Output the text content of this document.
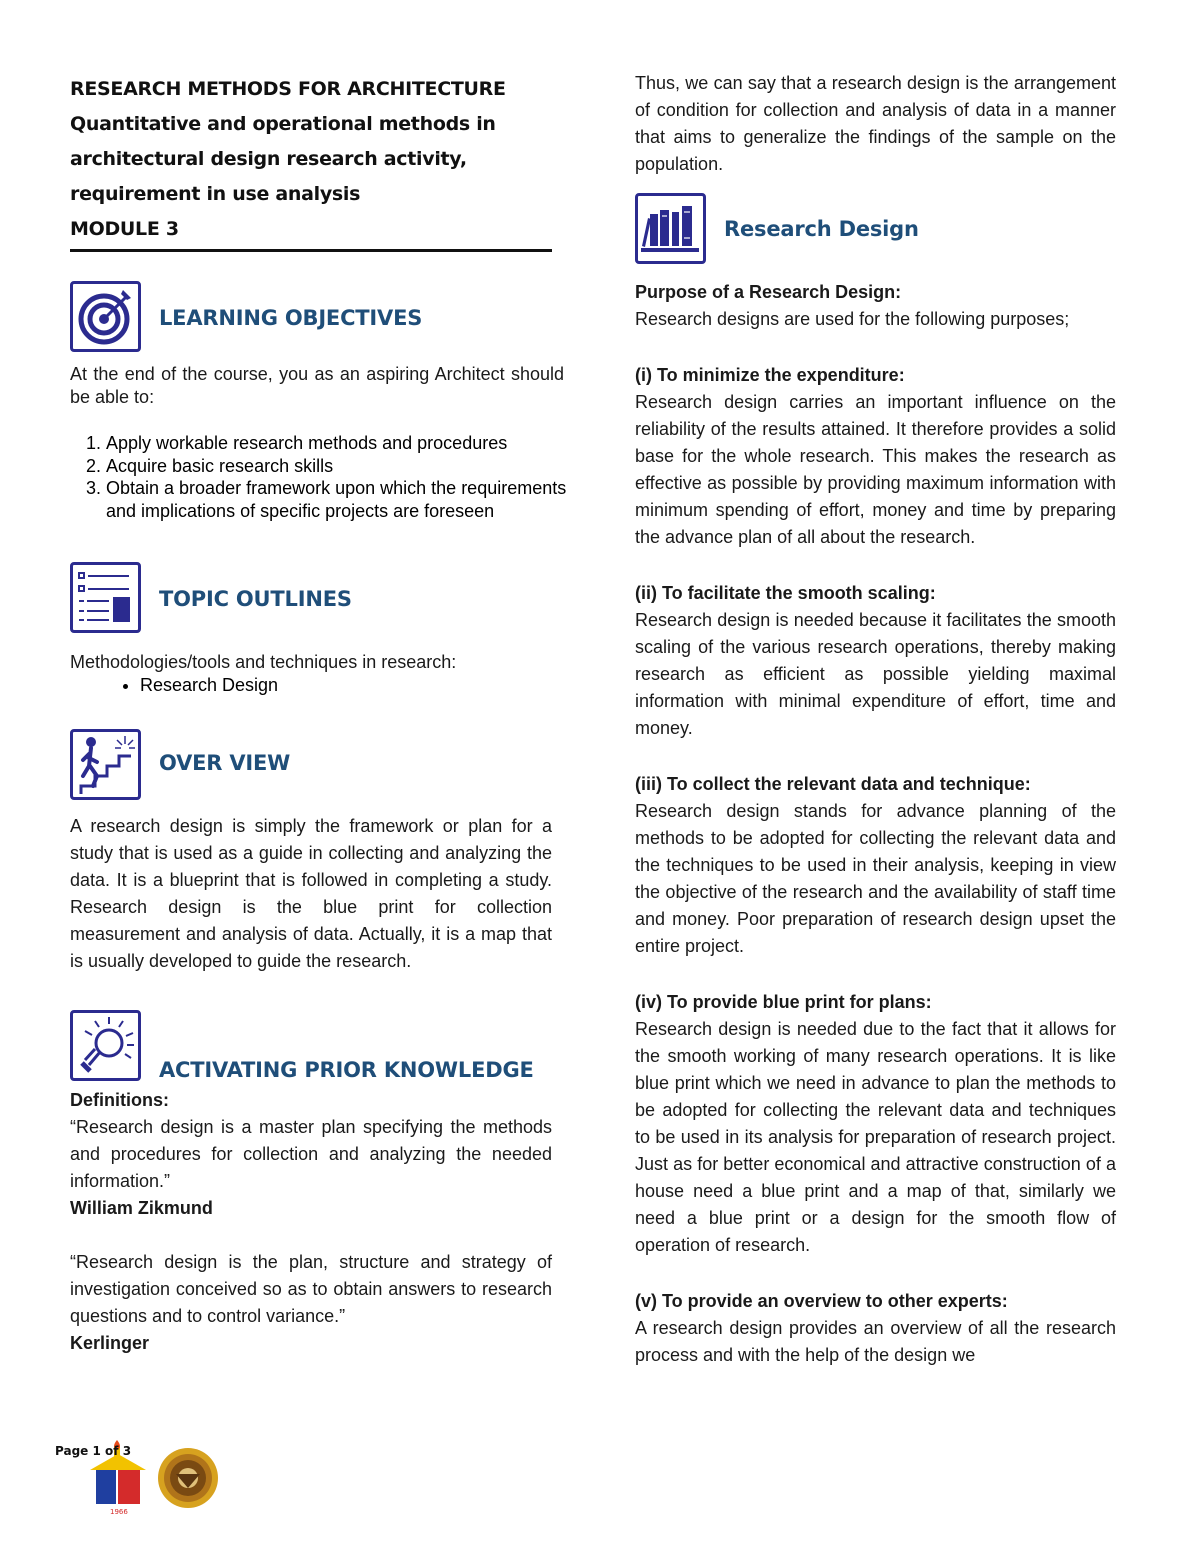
RESEARCH METHODS FOR ARCHITECTURE
Quantitative and operational methods in
architectural design research activity,
requirement in use analysis
MODULE 3
LEARNING OBJECTIVES
At the end of the course, you as an aspiring Architect should be able to:
1. Apply workable research methods and procedures
2. Acquire basic research skills
3. Obtain a broader framework upon which the requirements and implications of specific projects are foreseen
TOPIC OUTLINES
Methodologies/tools and techniques in research:
• Research Design
OVER VIEW
A research design is simply the framework or plan for a study that is used as a guide in collecting and analyzing the data. It is a blueprint that is followed in completing a study. Research design is the blue print for collection measurement and analysis of data. Actually, it is a map that is usually developed to guide the research.
ACTIVATING PRIOR KNOWLEDGE
Definitions:
“Research design is a master plan specifying the methods and procedures for collection and analyzing the needed information.”
William Zikmund
“Research design is the plan, structure and strategy of investigation conceived so as to obtain answers to research questions and to control variance.”
Kerlinger
Thus, we can say that a research design is the arrangement of condition for collection and analysis of data in a manner that aims to generalize the findings of the sample on the population.
Research Design
Purpose of a Research Design:
Research designs are used for the following purposes;
(i) To minimize the expenditure:
Research design carries an important influence on the reliability of the results attained. It therefore provides a solid base for the whole research. This makes the research as effective as possible by providing maximum information with minimum spending of effort, money and time by preparing the advance plan of all about the research.
(ii) To facilitate the smooth scaling:
Research design is needed because it facilitates the smooth scaling of the various research operations, thereby making research as efficient as possible yielding maximal information with minimal expenditure of effort, time and money.
(iii) To collect the relevant data and technique:
Research design stands for advance planning of the methods to be adopted for collecting the relevant data and the techniques to be used in their analysis, keeping in view the objective of the research and the availability of staff time and money. Poor preparation of research design upset the entire project.
(iv) To provide blue print for plans:
Research design is needed due to the fact that it allows for the smooth working of many research operations. It is like blue print which we need in advance to plan the methods to be adopted for collecting the relevant data and techniques to be used in its analysis for preparation of research project. Just as for better economical and attractive construction of a house need a blue print and a map of that, similarly we need a blue print or a design for the smooth flow of operation of research.
(v) To provide an overview to other experts:
A research design provides an overview of all the research process and with the help of the design we
Page 1 of 3
1966
